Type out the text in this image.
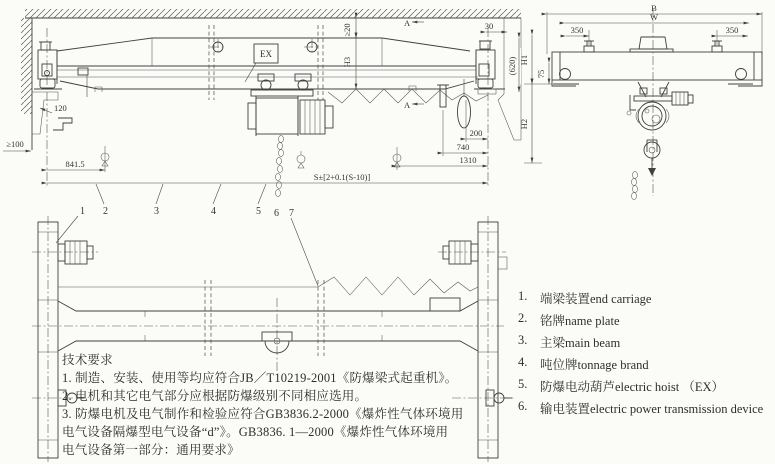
A
A
EX
≥20
H3
≥100
120
30
(620)
200
740
1310
841.5
S±[2+0.1(S-10)]
B
W
350	350
H1
75
H2
1 2	3	4	5 6 7
技术要求
1. 制造、安装、使用等均应符合JB／T10219-2001《防爆梁式起重机》。
2. 电机和其它电气部分应根据防爆级别不同相应选用。
3. 防爆电机及电气制作和检验应符合GB3836.2-2000《爆炸性气体环境用
电气设备隔爆型电气设备“d”》。GB3836. 1—2000《爆炸性气体环境用
电气设备第一部分：通用要求》
1.	端梁装置end carriage
2.	铭牌name plate
3.	主梁main beam
4.	吨位牌tonnage brand
5.	防爆电动葫芦electric hoist （EX）
6.	输电装置electric power transmission device
